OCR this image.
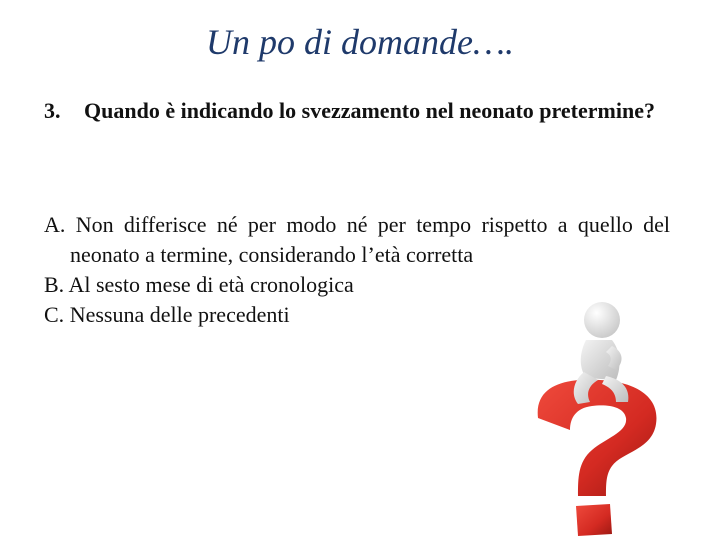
Un po di domande….
3.	Quando è indicando lo svezzamento nel neonato pretermine?

A. Non differisce né per modo né per tempo rispetto a quello del neonato a termine, considerando l’età corretta

B. Al sesto mese di età cronologica

C. Nessuna delle precedenti
